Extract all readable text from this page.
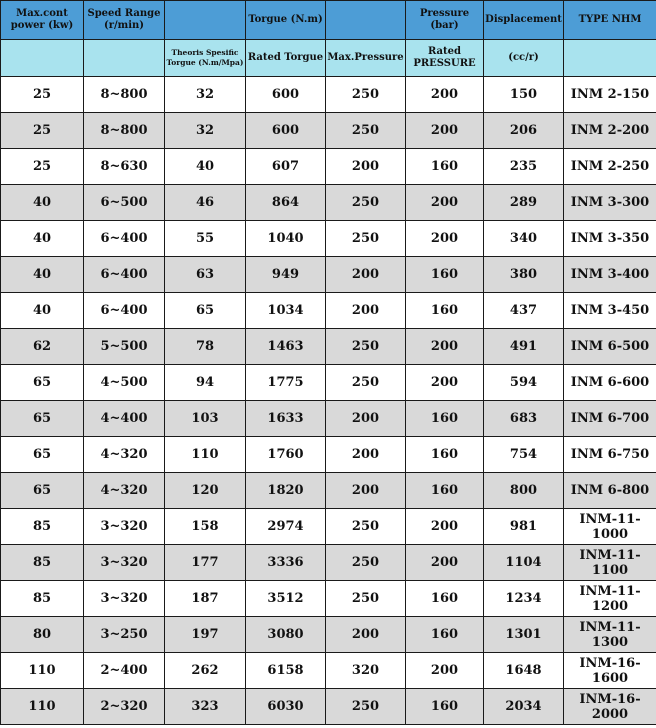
Max.cont power (kw)	Speed Range (r/min)		Torgue (N.m)		Pressure (bar)	Displacement	TYPE NHM
		Theoris Spesific Torgue (N.m/Mpa)	Rated Torgue	Max.Pressure	Rated PRESSURE	(cc/r)	
25	8~800	32	600	250	200	150	INM 2-150
25	8~800	32	600	250	200	206	INM 2-200
25	8~630	40	607	200	160	235	INM 2-250
40	6~500	46	864	250	200	289	INM 3-300
40	6~400	55	1040	250	200	340	INM 3-350
40	6~400	63	949	200	160	380	INM 3-400
40	6~400	65	1034	200	160	437	INM 3-450
62	5~500	78	1463	250	200	491	INM 6-500
65	4~500	94	1775	250	200	594	INM 6-600
65	4~400	103	1633	200	160	683	INM 6-700
65	4~320	110	1760	200	160	754	INM 6-750
65	4~320	120	1820	200	160	800	INM 6-800
85	3~320	158	2974	250	200	981	INM-11-1000
85	3~320	177	3336	250	200	1104	INM-11-1100
85	3~320	187	3512	250	160	1234	INM-11-1200
80	3~250	197	3080	200	160	1301	INM-11-1300
110	2~400	262	6158	320	200	1648	INM-16-1600
110	2~320	323	6030	250	160	2034	INM-16-2000
